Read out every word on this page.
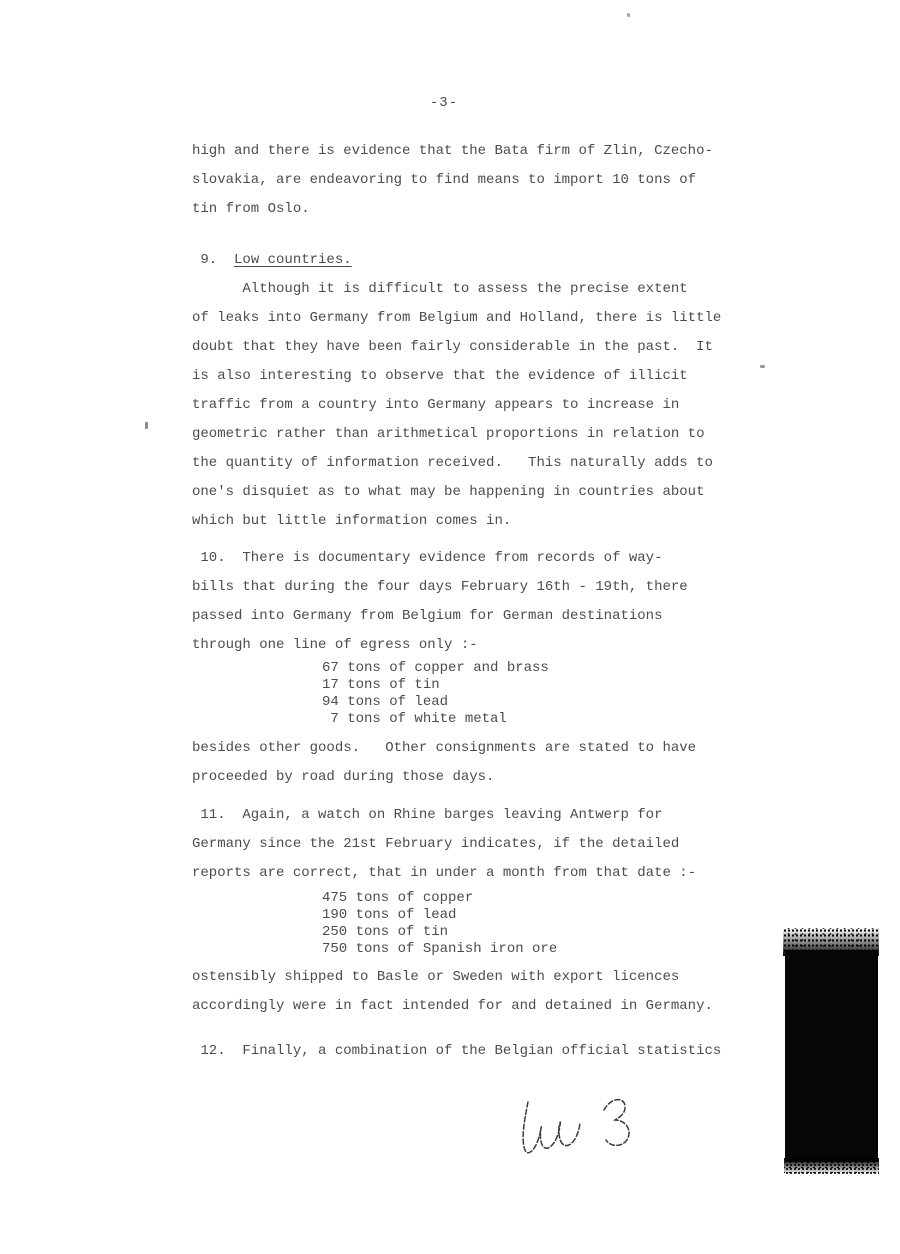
-3-
high and there is evidence that the Bata firm of Zlin, Czecho-
slovakia, are endeavoring to find means to import 10 tons of
tin from Oslo.
9.  Low countries.
Although it is difficult to assess the precise extent
of leaks into Germany from Belgium and Holland, there is little
doubt that they have been fairly considerable in the past.  It
is also interesting to observe that the evidence of illicit
traffic from a country into Germany appears to increase in
geometric rather than arithmetical proportions in relation to
the quantity of information received.   This naturally adds to
one's disquiet as to what may be happening in countries about
which but little information comes in.
10.  There is documentary evidence from records of way-
bills that during the four days February 16th - 19th, there
passed into Germany from Belgium for German destinations
through one line of egress only :-
67 tons of copper and brass
17 tons of tin
94 tons of lead
7 tons of white metal
besides other goods.   Other consignments are stated to have
proceeded by road during those days.
11.  Again, a watch on Rhine barges leaving Antwerp for
Germany since the 21st February indicates, if the detailed
reports are correct, that in under a month from that date :-
475 tons of copper
190 tons of lead
250 tons of tin
750 tons of Spanish iron ore
ostensibly shipped to Basle or Sweden with export licences
accordingly were in fact intended for and detained in Germany.
12.  Finally, a combination of the Belgian official statistics
